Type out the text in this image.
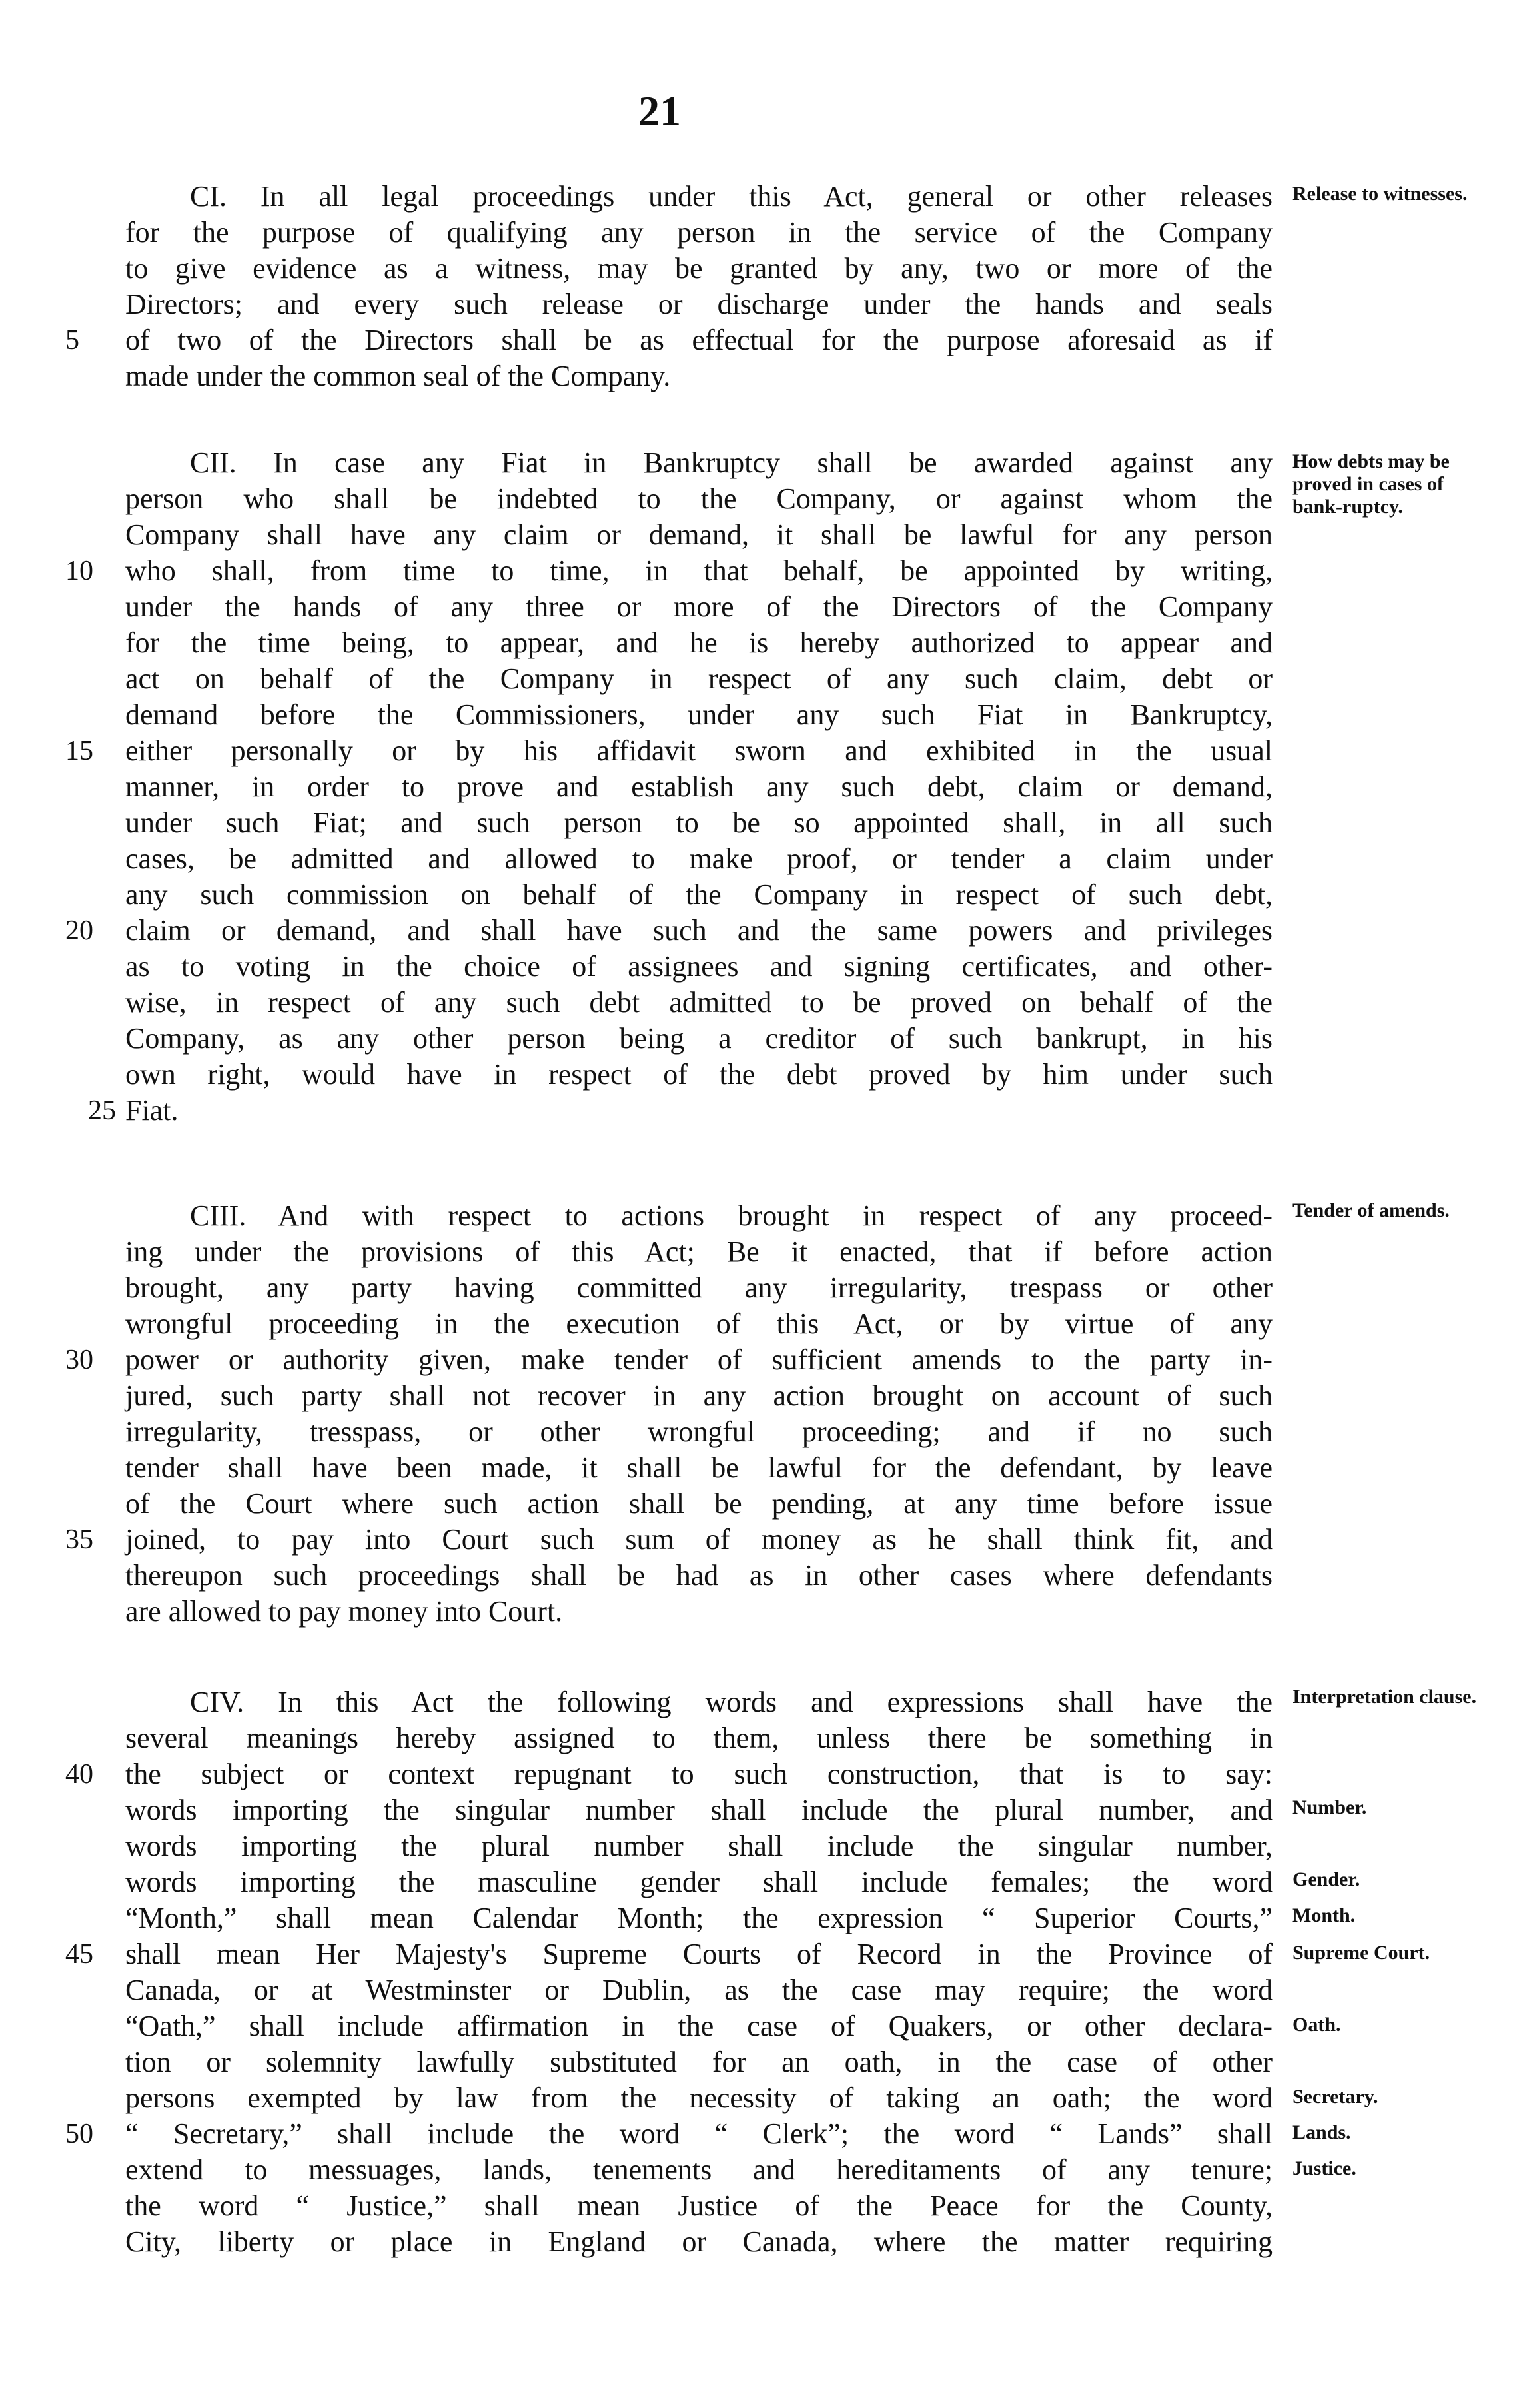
21
CI. In all legal proceedings under this Act, general or other releases
for the purpose of qualifying any person in the service of the Company
to give evidence as a witness, may be granted by any, two or more of the
Directors; and every such release or discharge under the hands and seals
5	of two of the Directors shall be as effectual for the purpose aforesaid as if
made under the common seal of the Company.
CII. In case any Fiat in Bankruptcy shall be awarded against any
person who shall be indebted to the Company, or against whom the
Company shall have any claim or demand, it shall be lawful for any person
10	who shall, from time to time, in that behalf, be appointed by writing,
under the hands of any three or more of the Directors of the Company
for the time being, to appear, and he is hereby authorized to appear and
act on behalf of the Company in respect of any such claim, debt or
demand before the Commissioners, under any such Fiat in Bankruptcy,
15	either personally or by his affidavit sworn and exhibited in the usual
manner, in order to prove and establish any such debt, claim or demand,
under such Fiat; and such person to be so appointed shall, in all such
cases, be admitted and allowed to make proof, or tender a claim under
any such commission on behalf of the Company in respect of such debt,
20	claim or demand, and shall have such and the same powers and privileges
as to voting in the choice of assignees and signing certificates, and other-
wise, in respect of any such debt admitted to be proved on behalf of the
Company, as any other person being a creditor of such bankrupt, in his
own right, would have in respect of the debt proved by him under such
25 Fiat.
CIII. And with respect to actions brought in respect of any proceed-
ing under the provisions of this Act; Be it enacted, that if before action
brought, any party having committed any irregularity, trespass or other
wrongful proceeding in the execution of this Act, or by virtue of any
30	power or authority given, make tender of sufficient amends to the party in-
jured, such party shall not recover in any action brought on account of such
irregularity, tresspass, or other wrongful proceeding; and if no such
tender shall have been made, it shall be lawful for the defendant, by leave
of the Court where such action shall be pending, at any time before issue
35	joined, to pay into Court such sum of money as he shall think fit, and
thereupon such proceedings shall be had as in other cases where defendants
are allowed to pay money into Court.
CIV. In this Act the following words and expressions shall have the
several meanings hereby assigned to them, unless there be something in
40	the subject or context repugnant to such construction, that is to say:
words importing the singular number shall include the plural number, and
words importing the plural number shall include the singular number,
words importing the masculine gender shall include females; the word
“Month,” shall mean Calendar Month; the expression “ Superior Courts,”
45	shall mean Her Majesty's Supreme Courts of Record in the Province of
Canada, or at Westminster or Dublin, as the case may require; the word
“Oath,” shall include affirmation in the case of Quakers, or other declara-
tion or solemnity lawfully substituted for an oath, in the case of other
persons exempted by law from the necessity of taking an oath; the word
50	“ Secretary,” shall include the word “ Clerk”; the word “ Lands” shall
extend to messuages, lands, tenements and hereditaments of any tenure;
the word “ Justice,” shall mean Justice of the Peace for the County,
City, liberty or place in England or Canada, where the matter requiring
Release to witnesses.
How debts may be proved in cases of bank-ruptcy.
Tender of amends.
Interpretation clause.
Number.
Gender.
Month.
Supreme Court.
Oath.
Secretary.
Lands.
Justice.
